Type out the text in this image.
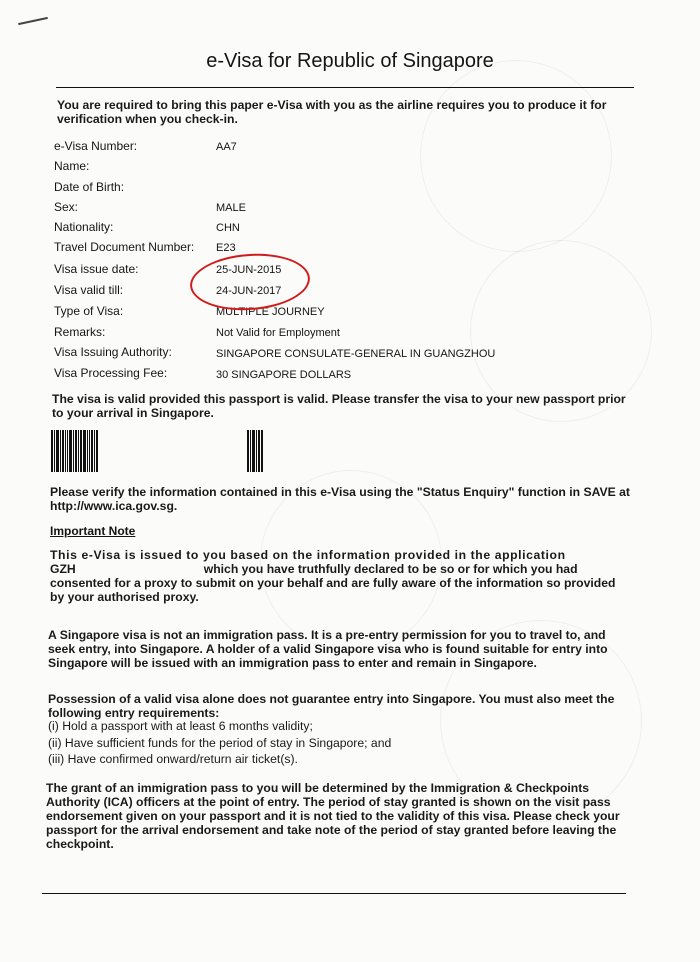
e-Visa for Republic of Singapore
You are required to bring this paper e-Visa with you as the airline requires you to produce it for verification when you check-in.
e-Visa Number:	AA7
Name:
Date of Birth:
Sex:	MALE
Nationality:	CHN
Travel Document Number: E23
Visa issue date:	25-JUN-2015
Visa valid till:	24-JUN-2017
Type of Visa:	MULTIPLE JOURNEY
Remarks:	Not Valid for Employment
Visa Issuing Authority:	SINGAPORE CONSULATE-GENERAL IN GUANGZHOU
Visa Processing Fee:	30 SINGAPORE DOLLARS
The visa is valid provided this passport is valid. Please transfer the visa to your new passport prior to your arrival in Singapore.
Please verify the information contained in this e-Visa using the "Status Enquiry" function in SAVE at http://www.ica.gov.sg.
Important Note
This e-Visa is issued to you based on the information provided in the application
GZH	which you have truthfully declared to be so or for which you had consented for a proxy to submit on your behalf and are fully aware of the information so provided by your authorised proxy.
A Singapore visa is not an immigration pass. It is a pre-entry permission for you to travel to, and seek entry, into Singapore. A holder of a valid Singapore visa who is found suitable for entry into Singapore will be issued with an immigration pass to enter and remain in Singapore.
Possession of a valid visa alone does not guarantee entry into Singapore. You must also meet the following entry requirements:
(i) Hold a passport with at least 6 months validity;
(ii) Have sufficient funds for the period of stay in Singapore; and
(iii) Have confirmed onward/return air ticket(s).
The grant of an immigration pass to you will be determined by the Immigration & Checkpoints Authority (ICA) officers at the point of entry. The period of stay granted is shown on the visit pass endorsement given on your passport and it is not tied to the validity of this visa. Please check your passport for the arrival endorsement and take note of the period of stay granted before leaving the checkpoint.
